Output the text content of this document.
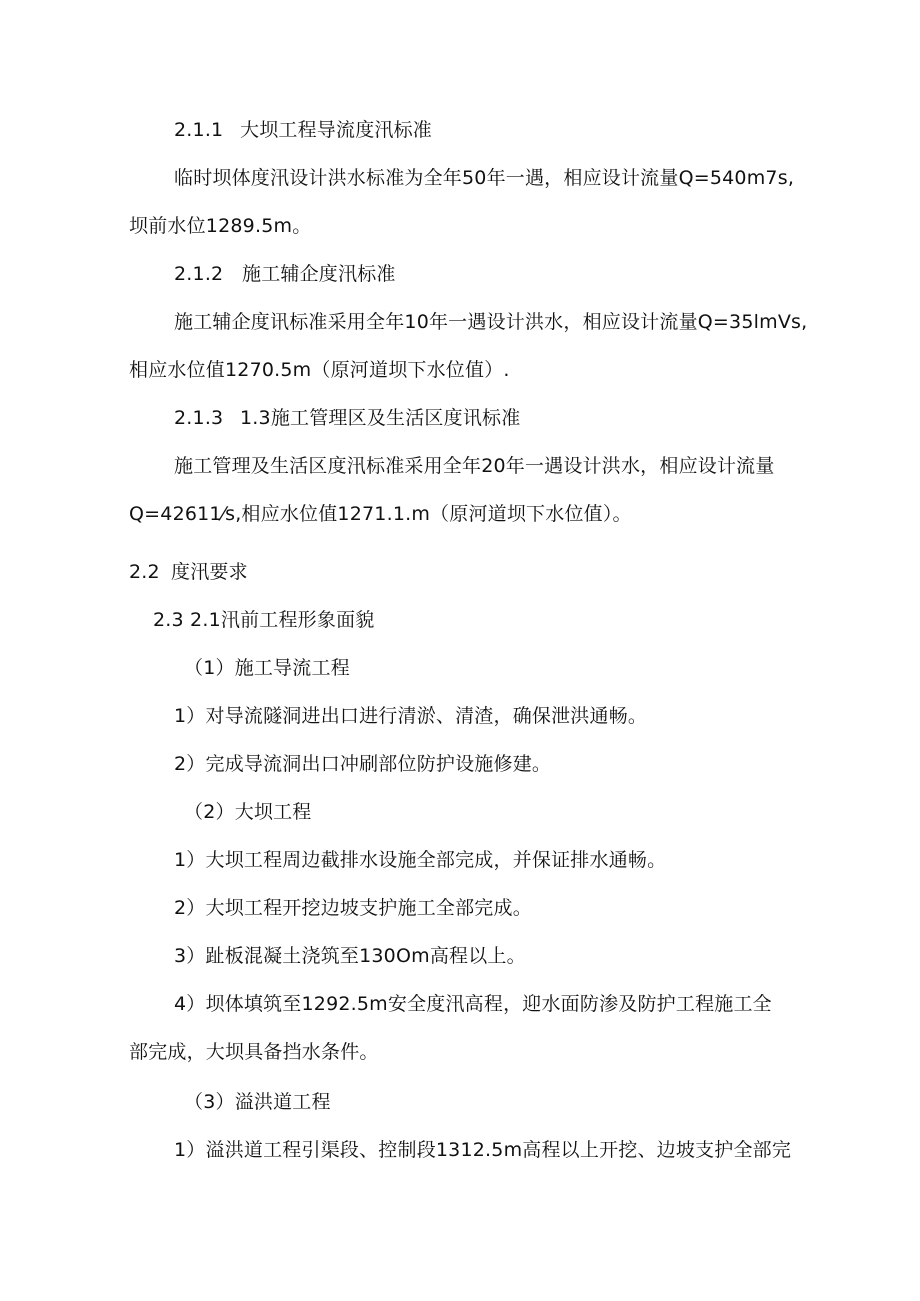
2.1.1 大坝工程导流度汛标准
临时坝体度汛设计洪水标准为全年50年一遇，相应设计流量Q=540m7s,
坝前水位1289.5m。
2.1.2 施工辅企度汛标准
施工辅企度讯标准采用全年10年一遇设计洪水，相应设计流量Q=35lmVs,
相应水位值1270.5m（原河道坝下水位值）.
2.1.3 1.3施工管理区及生活区度讯标准
施工管理及生活区度汛标准采用全年20年一遇设计洪水，相应设计流量
Q=42611⁄s,相应水位值1271.1.m（原河道坝下水位值）。
2.2 度汛要求
2.3 2.1汛前工程形象面貌
（1）施工导流工程
1）对导流隧洞进出口进行清淤、清渣，确保泄洪通畅。
2）完成导流洞出口冲刷部位防护设施修建。
（2）大坝工程
1）大坝工程周边截排水设施全部完成，并保证排水通畅。
2）大坝工程开挖边坡支护施工全部完成。
3）趾板混凝土浇筑至130Om高程以上。
4）坝体填筑至1292.5m安全度汛高程，迎水面防渗及防护工程施工全
部完成，大坝具备挡水条件。
（3）溢洪道工程
1）溢洪道工程引渠段、控制段1312.5m高程以上开挖、边坡支护全部完
